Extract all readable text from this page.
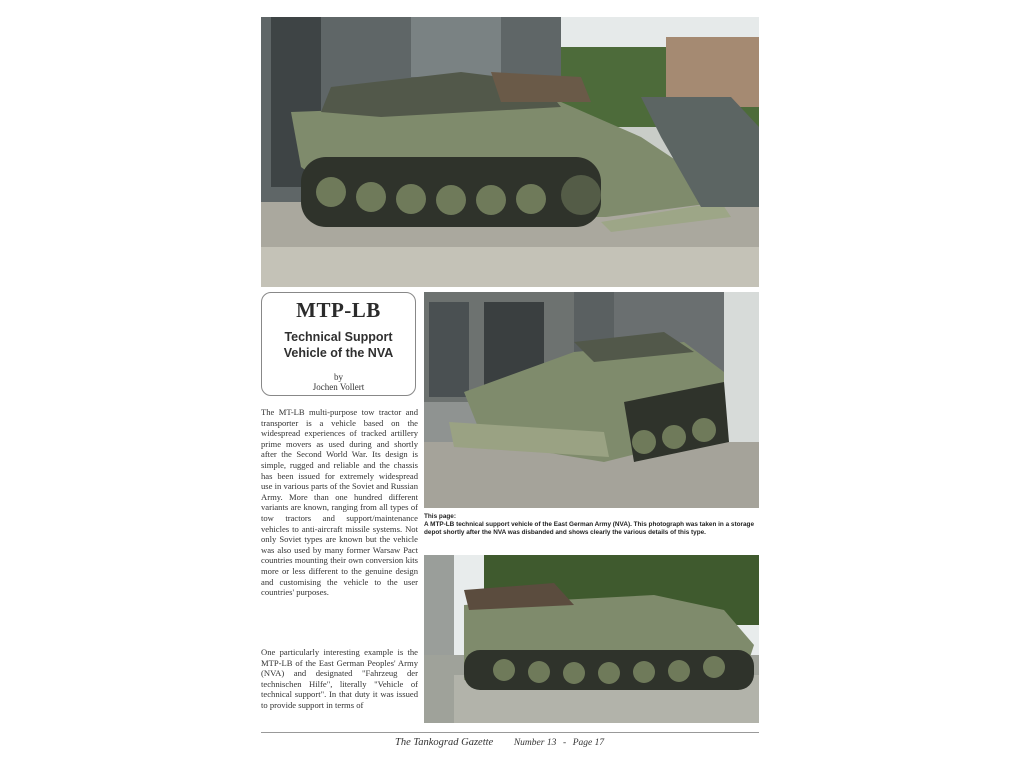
MTP-LB
Technical Support
Vehicle of the NVA
by
Jochen Vollert
This page:
A MTP-LB technical support vehicle of the East German Army (NVA). This photograph was taken in a storage depot shortly after the NVA was disbanded and shows clearly the various details of this type.
The MT-LB multi-purpose tow tractor and transporter is a vehicle based on the widespread experiences of tracked artillery prime movers as used during and shortly after the Second World War. Its design is simple, rugged and reliable and the chassis has been issued for extremely widespread use in various parts of the Soviet and Russian Army. More than one hundred different variants are known, ranging from all types of tow tractors and support/maintenance vehicles to anti-aircraft missile systems. Not only Soviet types are known but the vehicle was also used by many former Warsaw Pact countries mounting their own conversion kits more or less different to the genuine design and customising the vehicle to the user countries' purposes.
One particularly interesting example is the MTP-LB of the East German Peoples' Army (NVA) and designated "Fahrzeug der technischen Hilfe", literally "Vehicle of technical support". In that duty it was issued to provide support in terms of
The Tankograd Gazette Number 13 - Page 17
